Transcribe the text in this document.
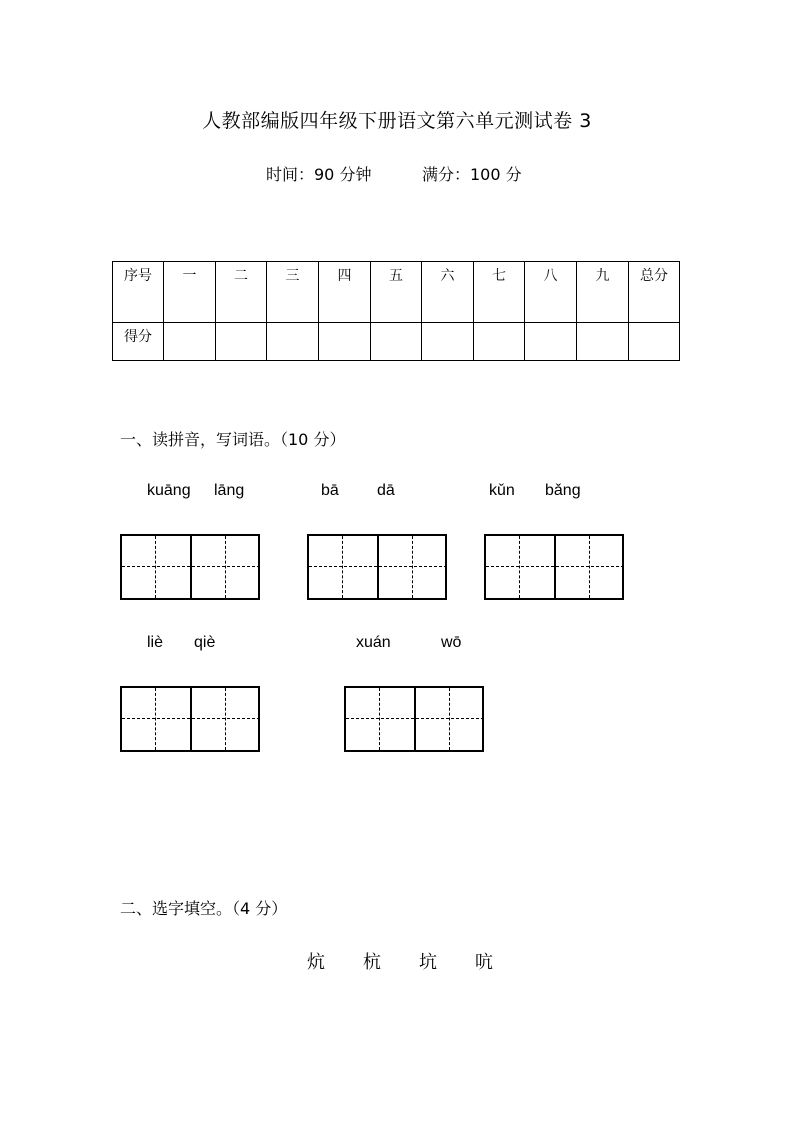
人教部编版四年级下册语文第六单元测试卷 3
时间：90 分钟	满分：100 分
序号	一	二	三	四	五	六	七	八	九	总分
得分										
一、读拼音，写词语。（10 分）
kuāng lāng	bā dā	kǔn bǎng
liè qiè	xuán	wō
二、选字填空。（4 分）
炕 杭 坑 吭
